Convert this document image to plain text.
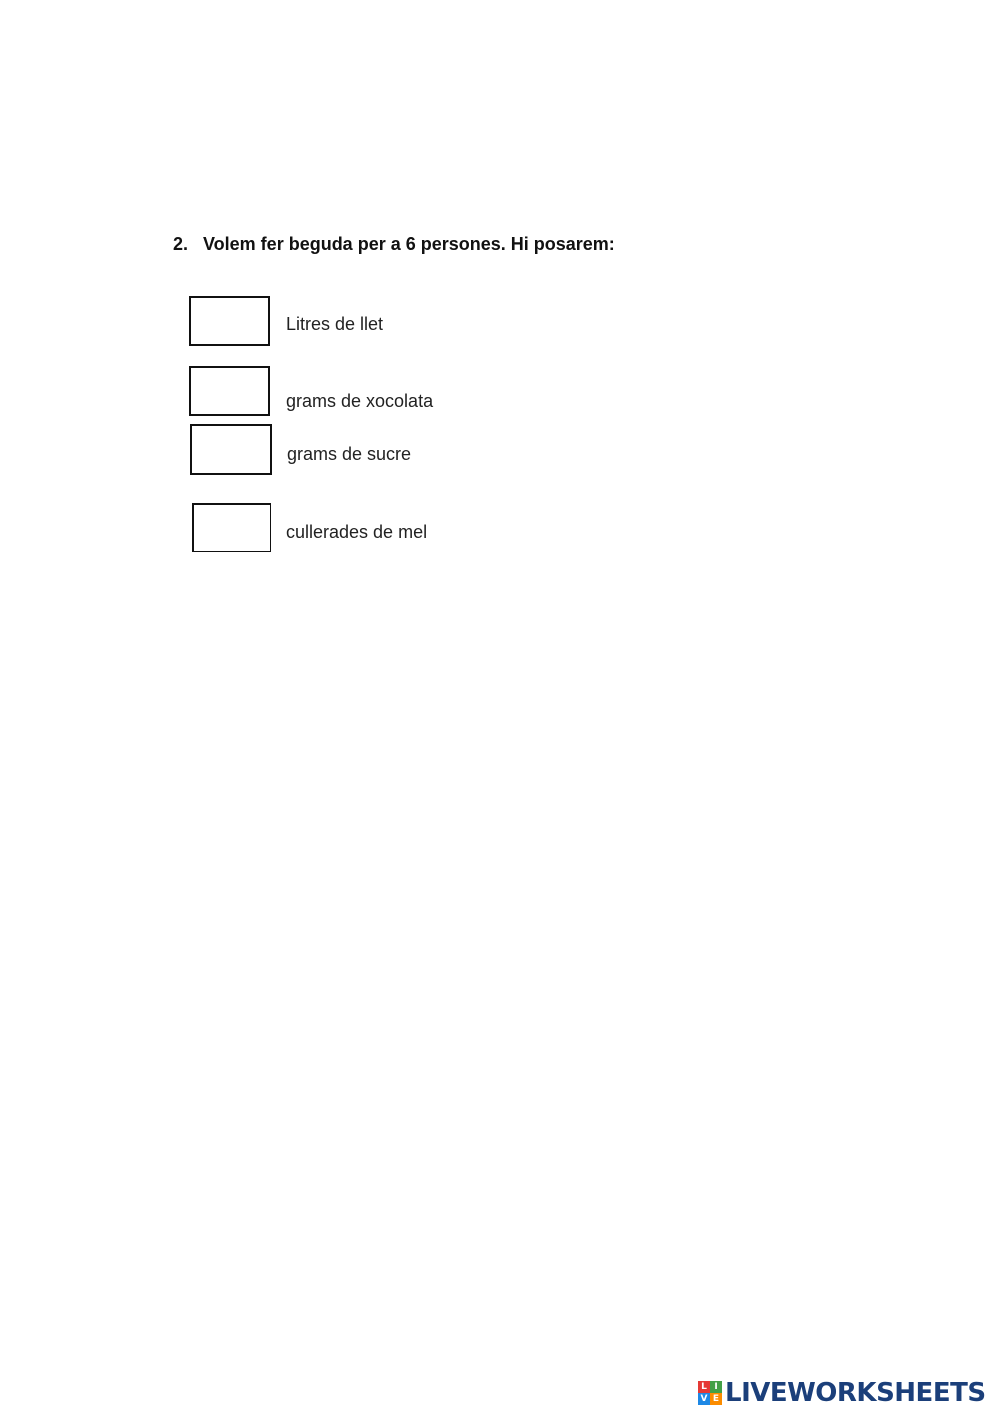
2. Volem fer beguda per a 6 persones. Hi posarem:
Litres de llet
grams de xocolata
grams de sucre
cullerades de mel
L I
V E LIVEWORKSHEETS
